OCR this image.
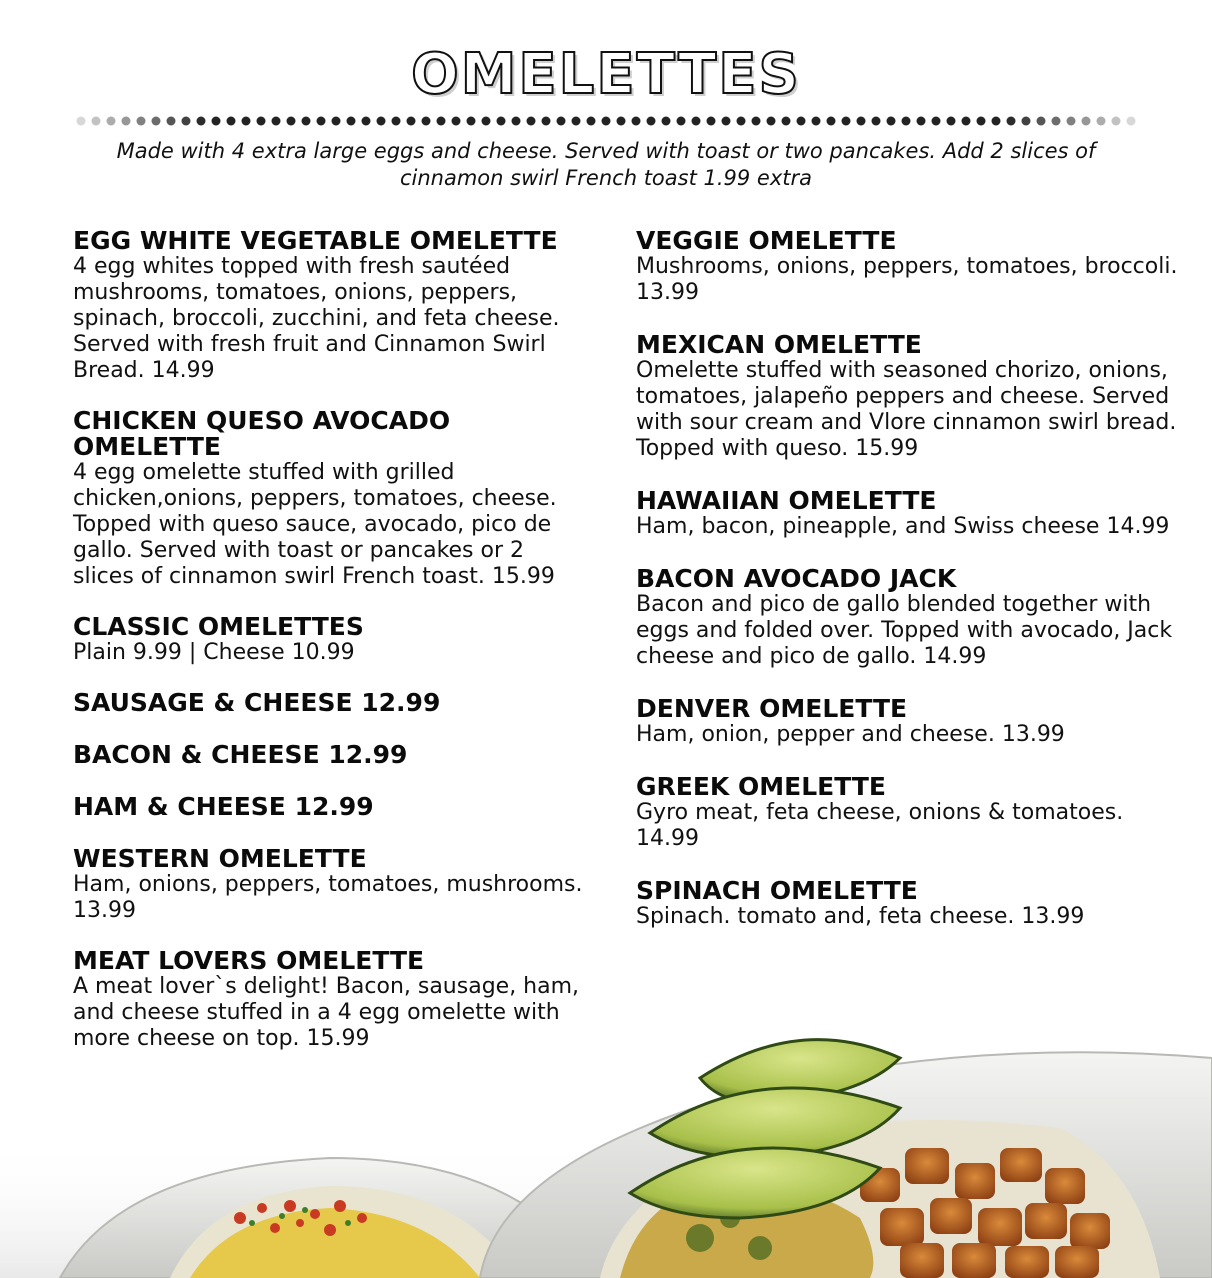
OMELETTES
Made with 4 extra large eggs and cheese. Served with toast or two pancakes. Add 2 slices of cinnamon swirl French toast 1.99 extra
EGG WHITE VEGETABLE OMELETTE
4 egg whites topped with fresh sautéed mushrooms, tomatoes, onions, peppers, spinach, broccoli, zucchini, and feta cheese. Served with fresh fruit and Cinnamon Swirl Bread. 14.99
CHICKEN QUESO AVOCADO OMELETTE
4 egg omelette stuffed with grilled chicken,onions, peppers, tomatoes, cheese. Topped with queso sauce, avocado, pico de gallo. Served with toast or pancakes or 2 slices of cinnamon swirl French toast. 15.99
CLASSIC OMELETTES
Plain 9.99 | Cheese 10.99
SAUSAGE & CHEESE 12.99
BACON & CHEESE 12.99
HAM & CHEESE 12.99
WESTERN OMELETTE
Ham, onions, peppers, tomatoes, mushrooms. 13.99
MEAT LOVERS OMELETTE
A meat lover`s delight! Bacon, sausage, ham, and cheese stuffed in a 4 egg omelette with more cheese on top. 15.99
VEGGIE OMELETTE
Mushrooms, onions, peppers, tomatoes, broccoli. 13.99
MEXICAN OMELETTE
Omelette stuffed with seasoned chorizo, onions, tomatoes, jalapeño peppers and cheese. Served with sour cream and Vlore cinnamon swirl bread. Topped with queso. 15.99
HAWAIIAN OMELETTE
Ham, bacon, pineapple, and Swiss cheese 14.99
BACON AVOCADO JACK
Bacon and pico de gallo blended together with eggs and folded over. Topped with avocado, Jack cheese and pico de gallo. 14.99
DENVER OMELETTE
Ham, onion, pepper and cheese. 13.99
GREEK OMELETTE
Gyro meat, feta cheese, onions & tomatoes. 14.99
SPINACH OMELETTE
Spinach. tomato and, feta cheese. 13.99
